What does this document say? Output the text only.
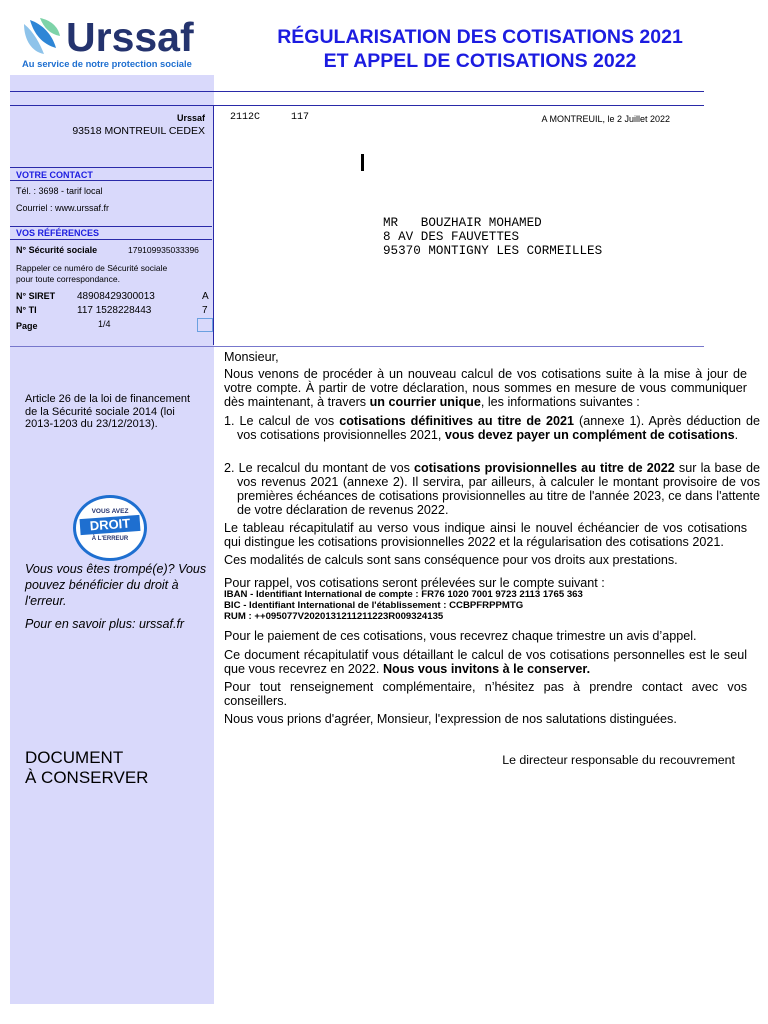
Urssaf
Au service de notre protection sociale
RÉGULARISATION DES COTISATIONS 2021
ET APPEL DE COTISATIONS 2022
Urssaf
93518 MONTREUIL CEDEX
2112C	117	A MONTREUIL, le 2 Juillet 2022
VOTRE CONTACT
Tél. : 3698 - tarif local
Courriel : www.urssaf.fr
VOS RÉFÉRENCES
N° Sécurité sociale	179109935033396
Rappeler ce numéro de Sécurité sociale
pour toute correspondance.
N° SIRET 48908429300013	A
N° TI	117 1528228443	7
Page	1/4
MR   BOUZHAIR MOHAMED
8 AV DES FAUVETTES
95370 MONTIGNY LES CORMEILLES
Article 26 de la loi de financement de la Sécurité sociale 2014 (loi 2013-1203 du 23/12/2013).
VOUS AVEZ
DROIT
À L'ERREUR
Vous vous êtes trompé(e)? Vous pouvez bénéficier du droit à l'erreur.
Pour en savoir plus: urssaf.fr
DOCUMENT
À CONSERVER
Monsieur,
Nous venons de procéder à un nouveau calcul de vos cotisations suite à la mise à jour de votre compte. À partir de votre déclaration, nous sommes en mesure de vous communiquer dès maintenant, à travers un courrier unique, les informations suivantes :
1. Le calcul de vos cotisations définitives au titre de 2021 (annexe 1). Après déduction de vos cotisations provisionnelles 2021, vous devez payer un complément de cotisations.
2. Le recalcul du montant de vos cotisations provisionnelles au titre de 2022 sur la base de vos revenus 2021 (annexe 2). Il servira, par ailleurs, à calculer le montant provisoire de vos premières échéances de cotisations provisionnelles au titre de l'année 2023, ce dans l'attente de votre déclaration de revenus 2022.
Le tableau récapitulatif au verso vous indique ainsi le nouvel échéancier de vos cotisations qui distingue les cotisations provisionnelles 2022 et la régularisation des cotisations 2021.
Ces modalités de calculs sont sans conséquence pour vos droits aux prestations.
Pour rappel, vos cotisations seront prélevées sur le compte suivant :
IBAN - Identifiant International de compte : FR76 1020 7001 9723 2113 1765 363
BIC - Identifiant International de l'établissement : CCBPFRPPMTG
RUM : ++095077V2020131211211223R009324135
Pour le paiement de ces cotisations, vous recevrez chaque trimestre un avis d’appel.
Ce document récapitulatif vous détaillant le calcul de vos cotisations personnelles est le seul que vous recevrez en 2022. Nous vous invitons à le conserver.
Pour tout renseignement complémentaire, n’hésitez pas à prendre contact avec vos conseillers.
Nous vous prions d'agréer, Monsieur, l'expression de nos salutations distinguées.
Le directeur responsable du recouvrement
